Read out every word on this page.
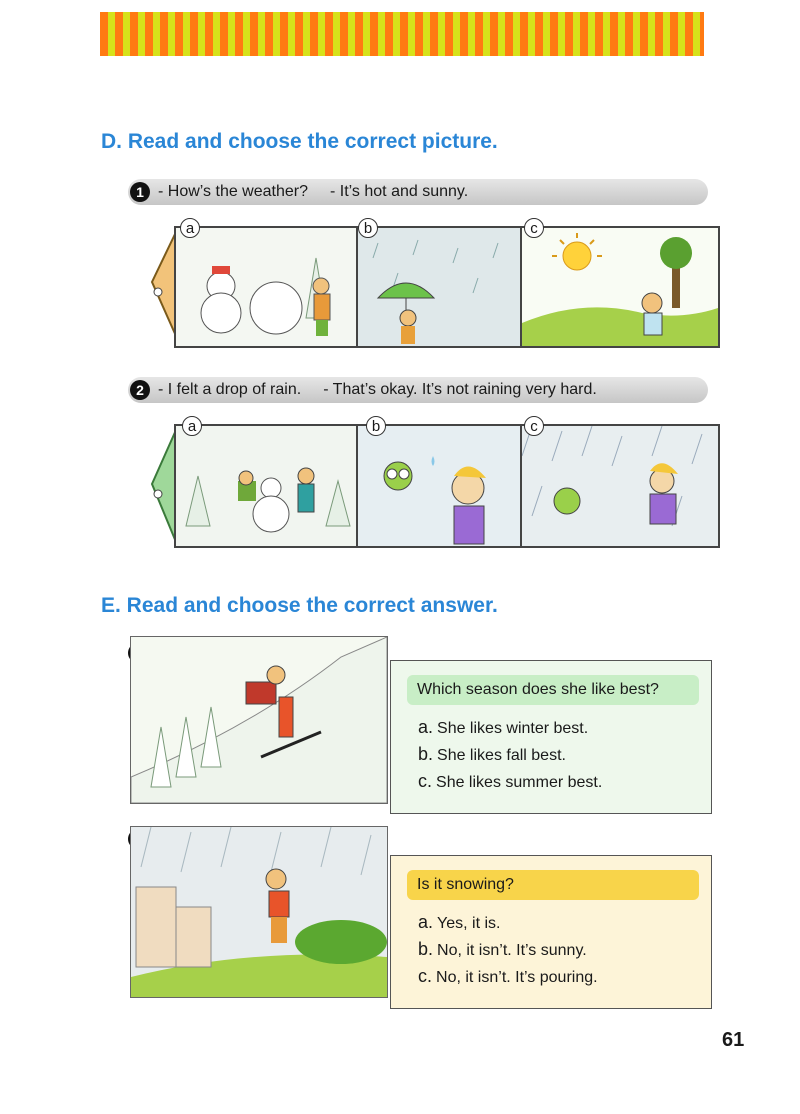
D. Read and choose the correct picture.
1 - How’s the weather? - It’s hot and sunny.
a	b	c
2 - I felt a drop of rain. - That’s okay. It’s not raining very hard.
a	b	c
E. Read and choose the correct answer.
Which season does she like best?
a. She likes winter best.
b. She likes fall best.
c. She likes summer best.
Is it snowing?
a. Yes, it is.
b. No, it isn’t. It’s sunny.
c. No, it isn’t. It’s pouring.
61
